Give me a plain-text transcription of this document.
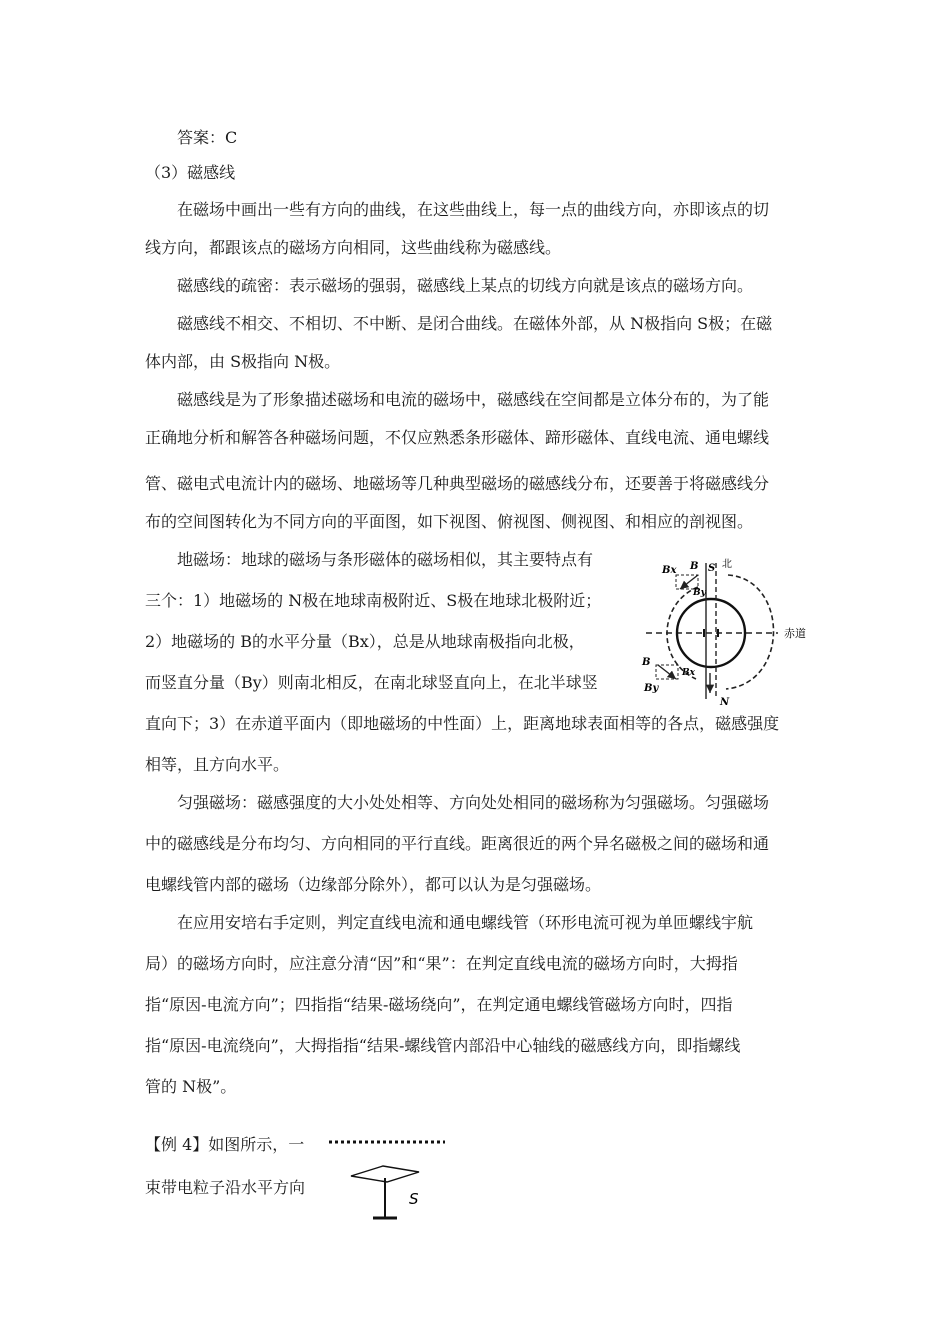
答案：C
（3）磁感线
在磁场中画出一些有方向的曲线，在这些曲线上，每一点的曲线方向，亦即该点的切
线方向，都跟该点的磁场方向相同，这些曲线称为磁感线。
磁感线的疏密：表示磁场的强弱，磁感线上某点的切线方向就是该点的磁场方向。
磁感线不相交、不相切、不中断、是闭合曲线。在磁体外部，从 N极指向 S极；在磁
体内部，由 S极指向 N极。
磁感线是为了形象描述磁场和电流的磁场中，磁感线在空间都是立体分布的，为了能
正确地分析和解答各种磁场问题，不仅应熟悉条形磁体、蹄形磁体、直线电流、通电螺线
管、磁电式电流计内的磁场、地磁场等几种典型磁场的磁感线分布，还要善于将磁感线分
布的空间图转化为不同方向的平面图，如下视图、俯视图、侧视图、和相应的剖视图。
地磁场：地球的磁场与条形磁体的磁场相似，其主要特点有
三个：1）地磁场的 N极在地球南极附近、S极在地球北极附近；
2）地磁场的 B的水平分量（Bx），总是从地球南极指向北极，
而竖直分量（By）则南北相反，在南北球竖直向上，在北半球竖
直向下；3）在赤道平面内（即地磁场的中性面）上，距离地球表面相等的各点，磁感强度
相等，且方向水平。
匀强磁场：磁感强度的大小处处相等、方向处处相同的磁场称为匀强磁场。匀强磁场
中的磁感线是分布均匀、方向相同的平行直线。距离很近的两个异名磁极之间的磁场和通
电螺线管内部的磁场（边缘部分除外），都可以认为是匀强磁场。
在应用安培右手定则，判定直线电流和通电螺线管（环形电流可视为单匝螺线宇航
局）的磁场方向时，应注意分清“因”和“果”：在判定直线电流的磁场方向时，大拇指
指“原因-电流方向”；四指指“结果-磁场绕向”，在判定通电螺线管磁场方向时，四指
指“原因-电流绕向”，大拇指指“结果-螺线管内部沿中心轴线的磁感线方向，即指螺线
管的 N极”。
【例 4】如图所示，一
束带电粒子沿水平方向
Bx B S 北
By
赤道
B
Bx
By
N
S
